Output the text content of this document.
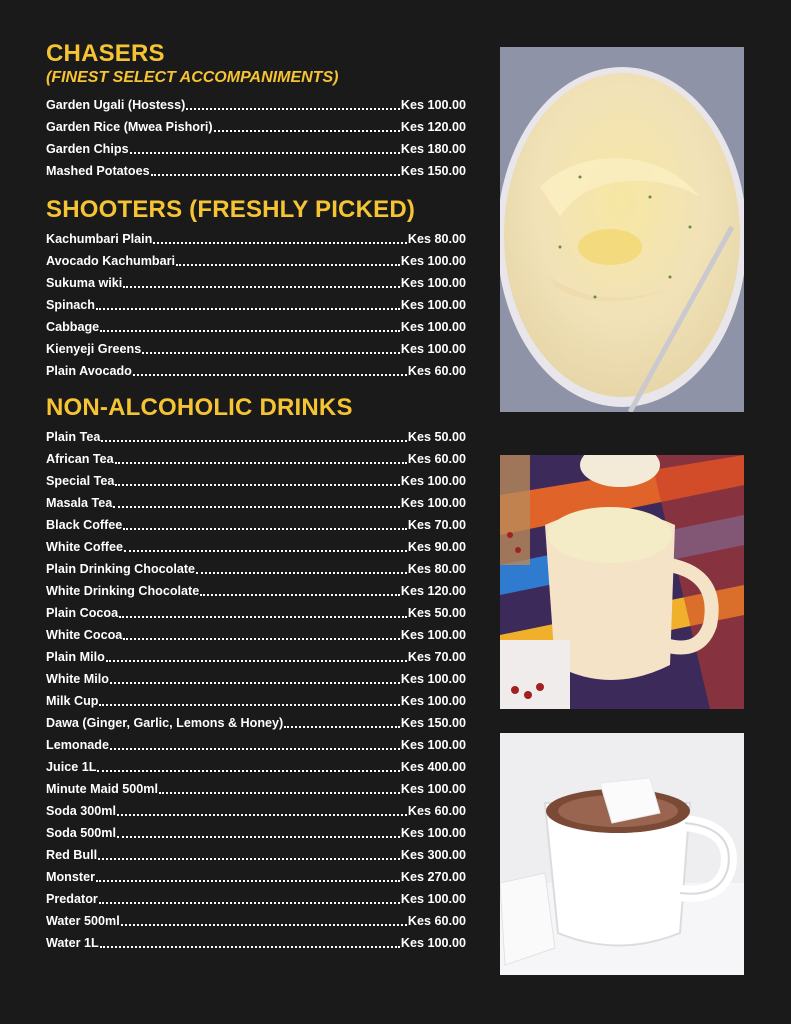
CHASERS
(FINEST SELECT ACCOMPANIMENTS)
Garden Ugali (Hostess)	Kes 100.00
Garden Rice (Mwea Pishori)	Kes 120.00
Garden Chips	Kes 180.00
Mashed Potatoes	Kes 150.00
SHOOTERS (FRESHLY PICKED)
Kachumbari Plain	Kes 80.00
Avocado Kachumbari	Kes 100.00
Sukuma wiki	Kes 100.00
Spinach	Kes 100.00
Cabbage	Kes 100.00
Kienyeji Greens	Kes 100.00
Plain Avocado	Kes 60.00
NON-ALCOHOLIC DRINKS
Plain Tea	Kes 50.00
African Tea	Kes 60.00
Special Tea	Kes 100.00
Masala Tea	Kes 100.00
Black Coffee	Kes 70.00
White Coffee	Kes 90.00
Plain Drinking Chocolate	Kes 80.00
White Drinking Chocolate	Kes 120.00
Plain Cocoa	Kes 50.00
White Cocoa	Kes 100.00
Plain Milo	Kes 70.00
White Milo	Kes 100.00
Milk Cup	Kes 100.00
Dawa (Ginger, Garlic, Lemons & Honey)	Kes 150.00
Lemonade	Kes 100.00
Juice 1L	Kes 400.00
Minute Maid 500ml	Kes 100.00
Soda 300ml	Kes 60.00
Soda 500ml	Kes 100.00
Red Bull	Kes 300.00
Monster	Kes 270.00
Predator	Kes 100.00
Water 500ml	Kes 60.00
Water 1L	Kes 100.00
